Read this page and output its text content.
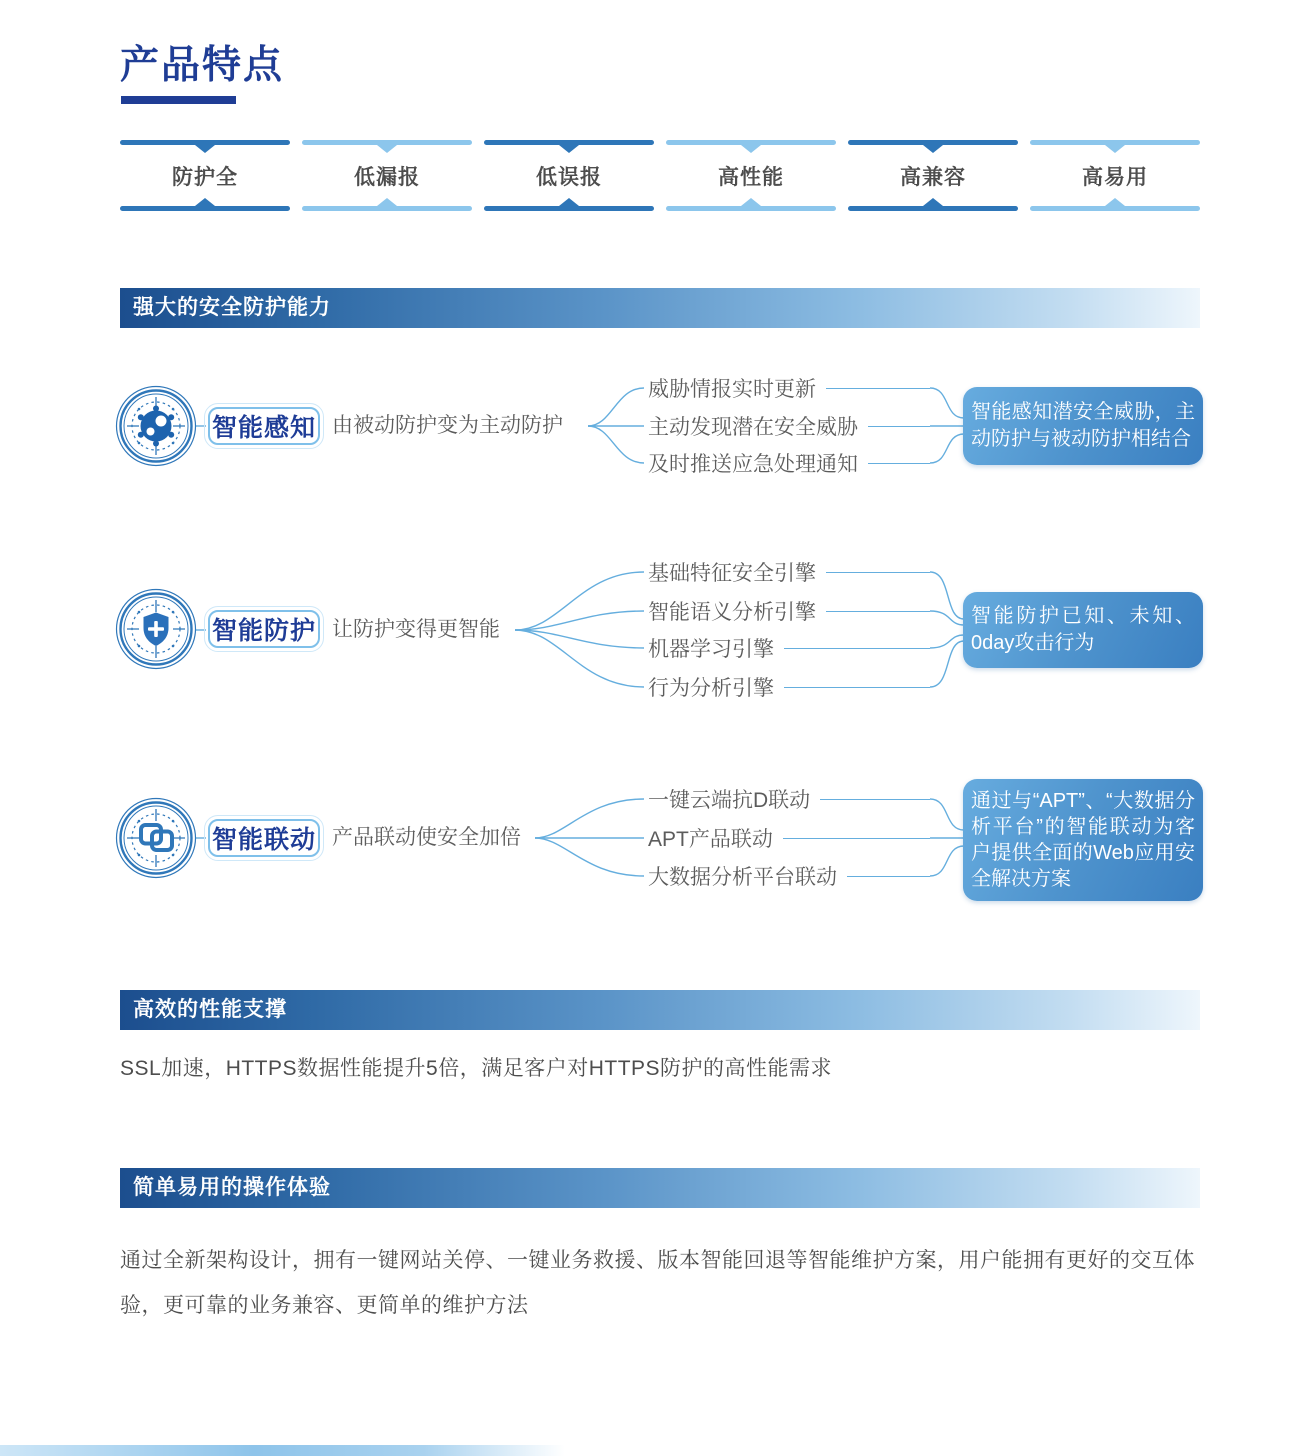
产品特点
防护全	低漏报	低误报	高性能	高兼容	高易用
强大的安全防护能力
智能感知 由被动防护变为主动防护
威胁情报实时更新
主动发现潜在安全威胁
及时推送应急处理通知
智能感知潜安全威胁，主动防护与被动防护相结合
智能防护 让防护变得更智能
基础特征安全引擎
智能语义分析引擎
机器学习引擎
行为分析引擎
智能防护已知、未知、0day攻击行为
智能联动 产品联动使安全加倍
一键云端抗D联动
APT产品联动
大数据分析平台联动
通过与“APT”、“大数据分析平台”的智能联动为客户提供全面的Web应用安全解决方案
高效的性能支撑
SSL加速，HTTPS数据性能提升5倍，满足客户对HTTPS防护的高性能需求
简单易用的操作体验
通过全新架构设计，拥有一键网站关停、一键业务救援、版本智能回退等智能维护方案，用户能拥有更好的交互体验，更可靠的业务兼容、更简单的维护方法
